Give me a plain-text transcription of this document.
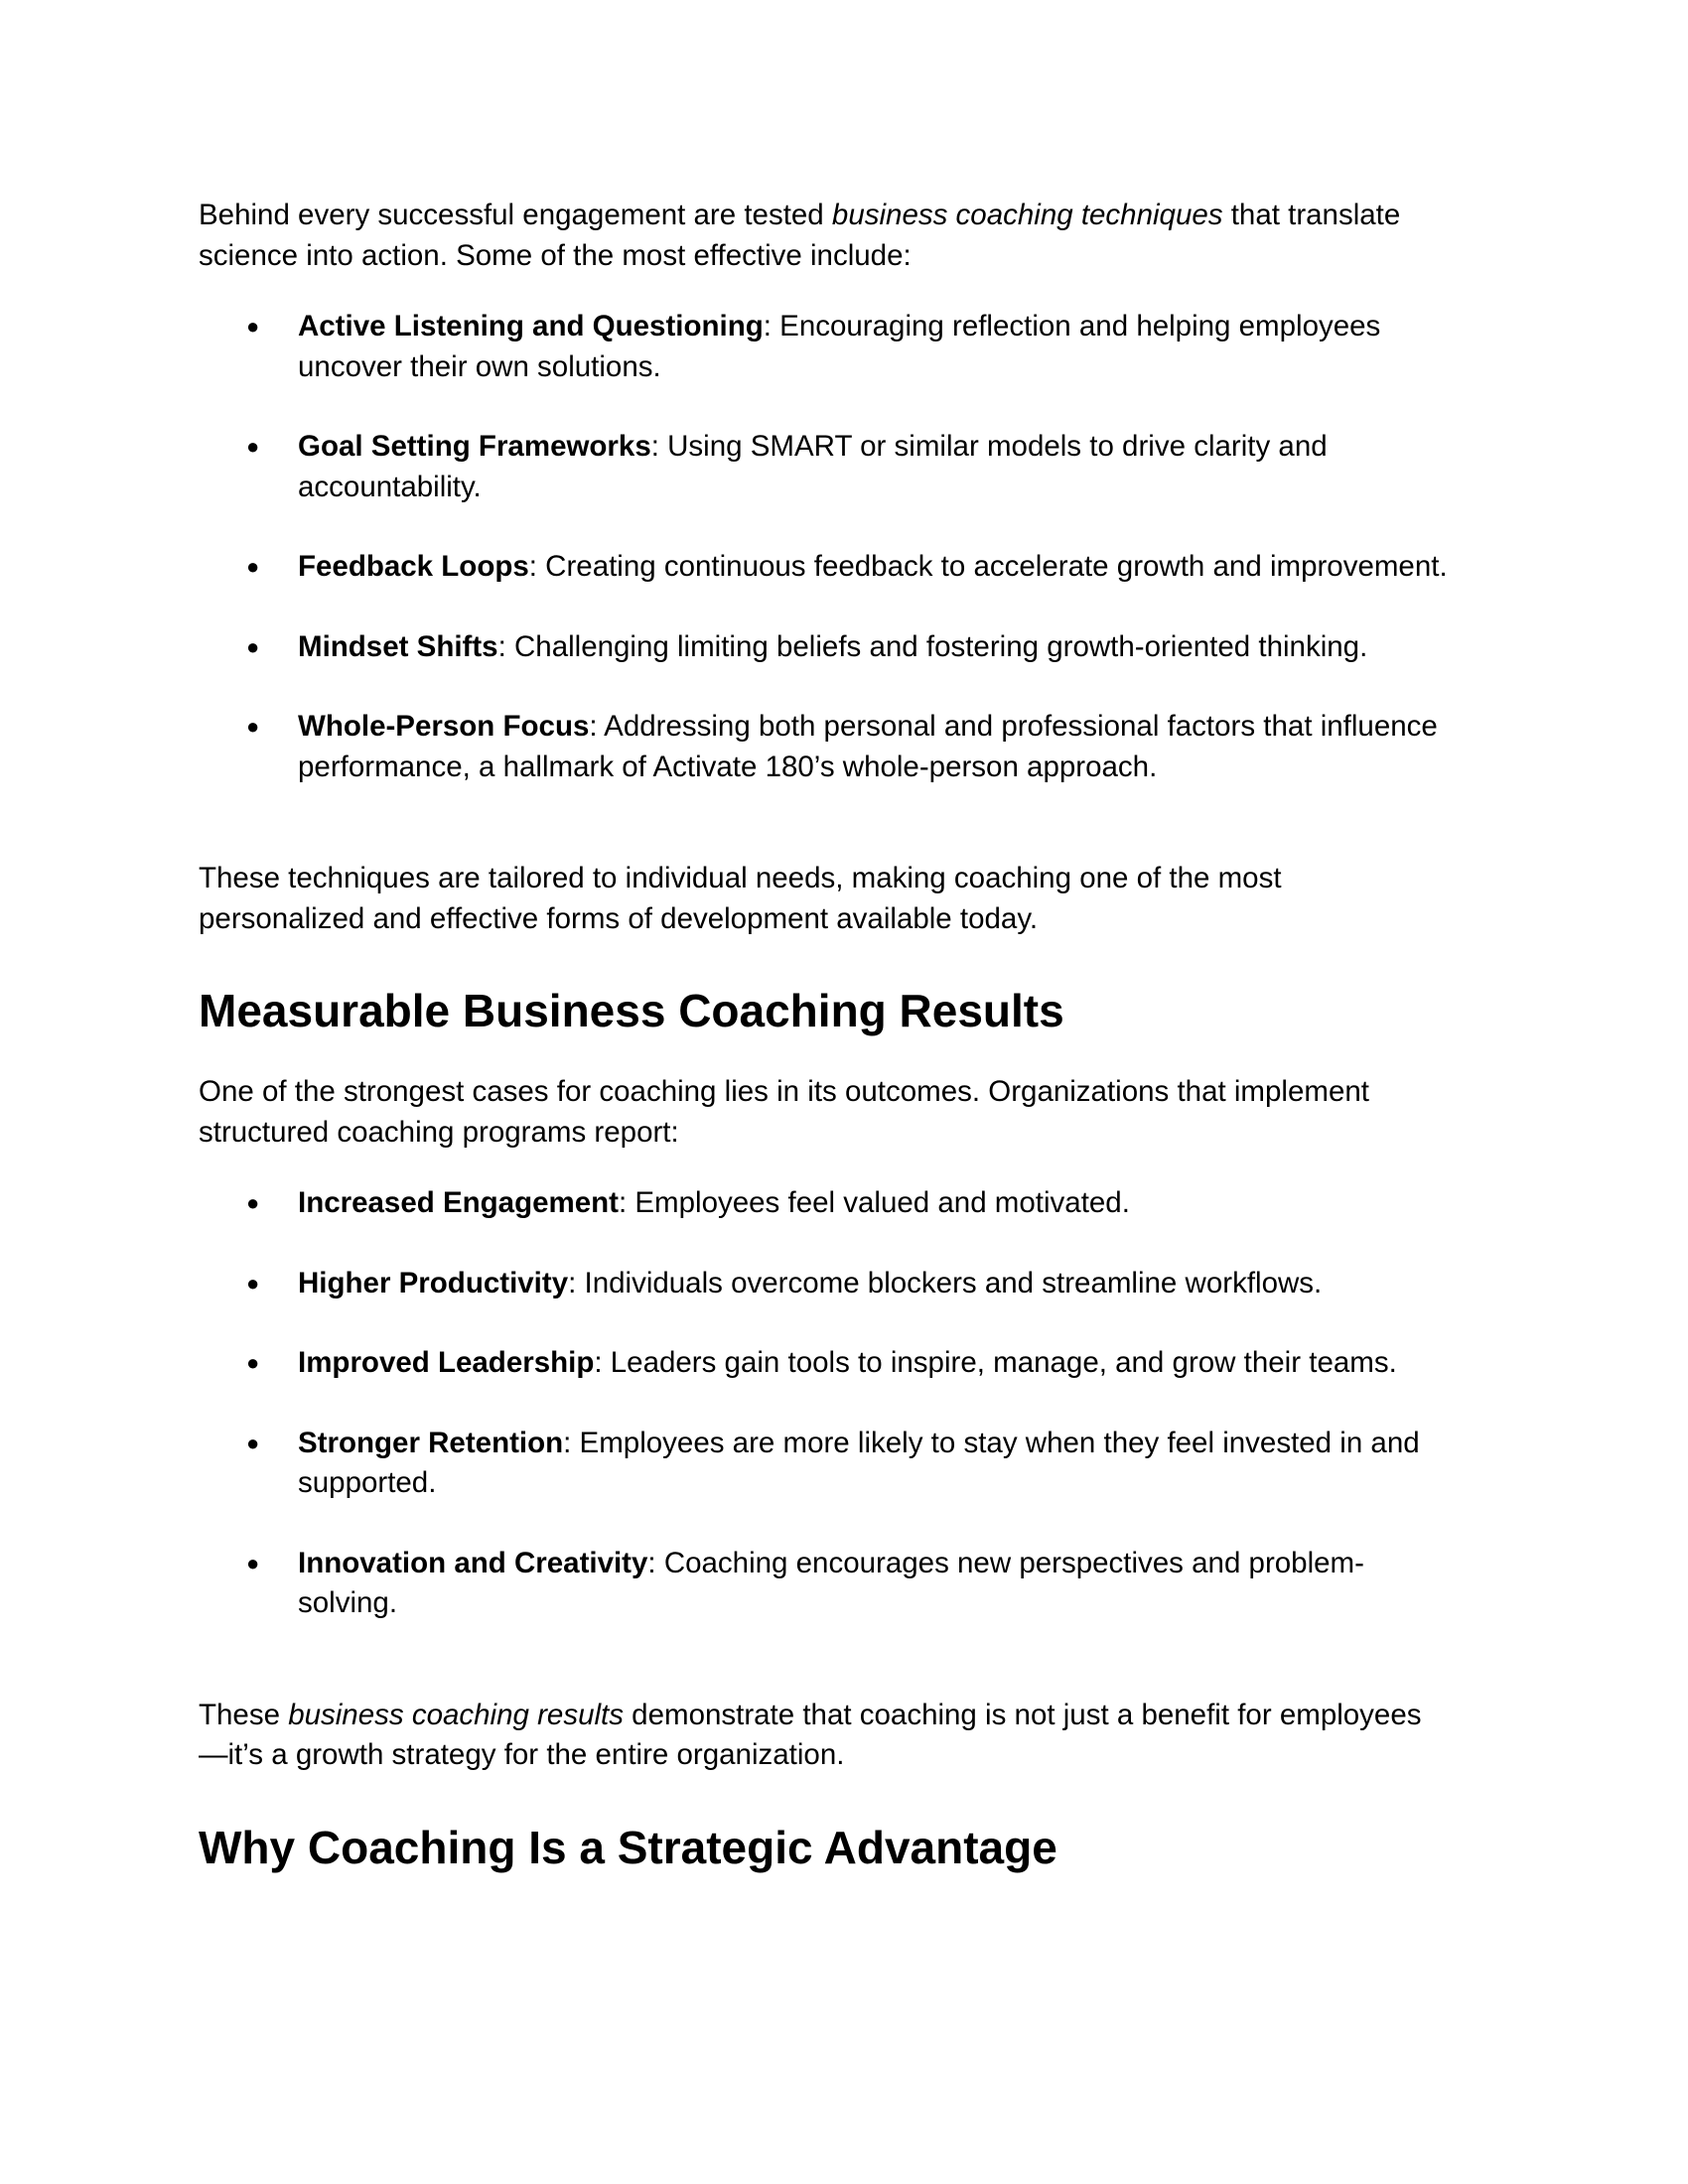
Behind every successful engagement are tested business coaching techniques that translate science into action. Some of the most effective include:

● Active Listening and Questioning: Encouraging reflection and helping employees uncover their own solutions.
● Goal Setting Frameworks: Using SMART or similar models to drive clarity and accountability.
● Feedback Loops: Creating continuous feedback to accelerate growth and improvement.
● Mindset Shifts: Challenging limiting beliefs and fostering growth-oriented thinking.
● Whole-Person Focus: Addressing both personal and professional factors that influence performance, a hallmark of Activate 180’s whole-person approach.

These techniques are tailored to individual needs, making coaching one of the most personalized and effective forms of development available today.

Measurable Business Coaching Results

One of the strongest cases for coaching lies in its outcomes. Organizations that implement structured coaching programs report:

● Increased Engagement: Employees feel valued and motivated.
● Higher Productivity: Individuals overcome blockers and streamline workflows.
● Improved Leadership: Leaders gain tools to inspire, manage, and grow their teams.
● Stronger Retention: Employees are more likely to stay when they feel invested in and supported.
● Innovation and Creativity: Coaching encourages new perspectives and problem-solving.

These business coaching results demonstrate that coaching is not just a benefit for employees—it’s a growth strategy for the entire organization.

Why Coaching Is a Strategic Advantage
